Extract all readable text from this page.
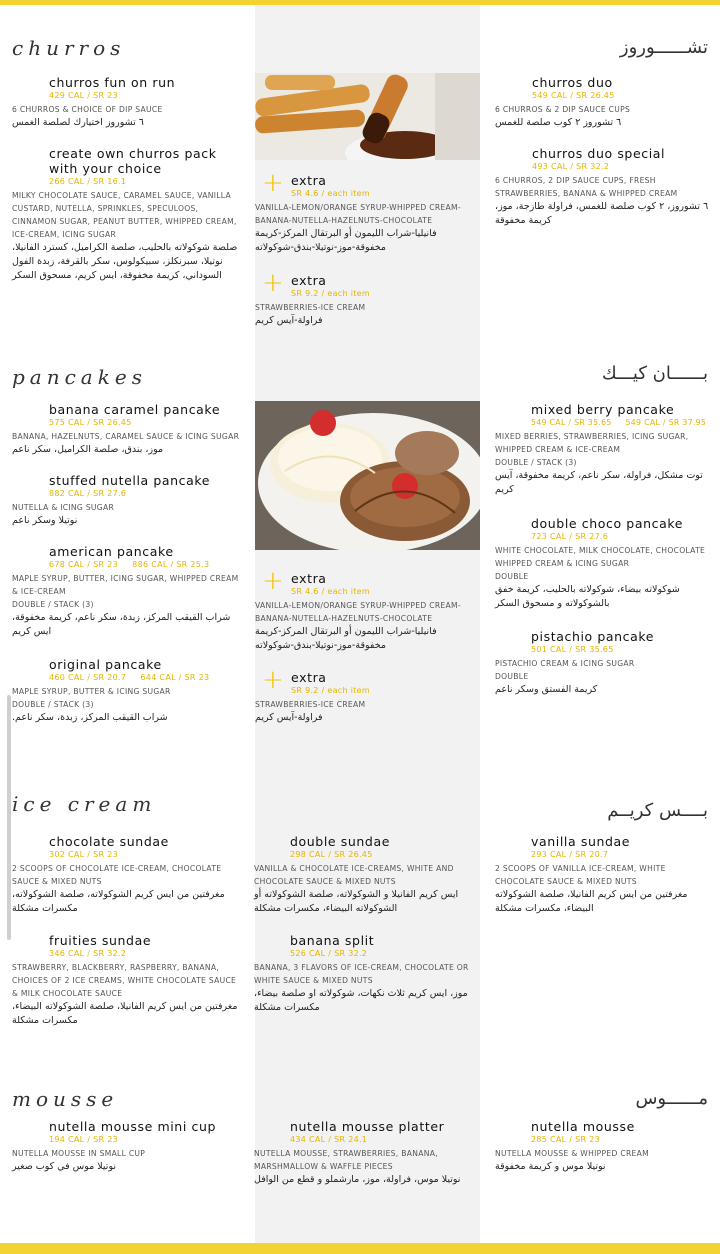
churros	تشــــــوروز
pancakes	بــــــان كيـــك
ice cream	بــــس كريــم
mousse	مــــــوس
churros fun on run
429 CAL / SR 23
6 CHURROS & CHOICE OF DIP SAUCE
٦ تشوروز اختيارك لصلصة الغمس
create own churros pack with your choice
266 CAL / SR 16.1
MILKY CHOCOLATE SAUCE, CARAMEL SAUCE, VANILLA CUSTARD, NUTELLA, SPRINKLES, SPECULOOS, CINNAMON SUGAR, PEANUT BUTTER, WHIPPED CREAM, ICE-CREAM, ICING SUGAR
صلصة شوكولاته بالحليب، صلصة الكراميل، كسترد الفانيلا، نوتيلا، سبرنكلز، سبيكولوس، سكر بالقرفة، زبدة الفول السوداني، كريمة مخفوقة، ايس كريم، مسحوق السكر
+ extra
SR 4.6 / each item
VANILLA-LEMON/ORANGE SYRUP-WHIPPED CREAM-BANANA-NUTELLA-HAZELNUTS-CHOCOLATE
فانيليا-شراب الليمون أو البرتقال المركز-كريمة مخفوقة-موز-نوتيلا-بندق-شوكولاته
+ extra
SR 9.2 / each item
STRAWBERRIES-ICE CREAM
فراولة-آيس كريم
churros duo
549 CAL / SR 26.45
6 CHURROS & 2 DIP SAUCE CUPS
٦ تشوروز ٢ كوب صلصة للغمس
churros duo special
493 CAL / SR 32.2
6 CHURROS, 2 DIP SAUCE CUPS, FRESH STRAWBERRIES, BANANA & WHIPPED CREAM
٦ تشوروز، ٢ كوب صلصة للغمس، فراولة طازجة، موز، كريمة مخفوقة
banana caramel pancake
575 CAL / SR 26.45
BANANA, HAZELNUTS, CARAMEL SAUCE & ICING SUGAR
موز، بندق، صلصة الكراميل، سكر ناعم
stuffed nutella pancake
882 CAL / SR 27.6
NUTELLA & ICING SUGAR
نوتيلا وسكر ناعم
american pancake
678 CAL / SR 23     886 CAL / SR 25.3
MAPLE SYRUP, BUTTER, ICING SUGAR, WHIPPED CREAM & ICE-CREAM
DOUBLE / STACK (3)
شراب القيقب المركز، زبدة، سكر ناعم، كريمة مخفوقة، ايس كريم
original pancake
460 CAL / SR 20.7     644 CAL / SR 23
MAPLE SYRUP, BUTTER & ICING SUGAR
DOUBLE / STACK (3)
شراب القيقب المركز، زبدة، سكر ناعم.
+ extra
SR 4.6 / each item
VANILLA-LEMON/ORANGE SYRUP-WHIPPED CREAM-BANANA-NUTELLA-HAZELNUTS-CHOCOLATE
فانيليا-شراب الليمون أو البرتقال المركز-كريمة مخفوقة-موز-نوتيلا-بندق-شوكولاته
+ extra
SR 9.2 / each item
STRAWBERRIES-ICE CREAM
فراولة-آيس كريم
mixed berry pancake
549 CAL / SR 35.65     549 CAL / SR 37.95
MIXED BERRIES, STRAWBERRIES, ICING SUGAR, WHIPPED CREAM & ICE-CREAM
DOUBLE / STACK (3)
توت مشكل، فراولة، سكر ناعم، كريمة مخفوقة، آيس كريم
double choco pancake
723 CAL / SR 27.6
WHITE CHOCOLATE, MILK CHOCOLATE, CHOCOLATE WHIPPED CREAM & ICING SUGAR
DOUBLE
شوكولاته بيضاء، شوكولاته بالحليب، كريمة خفق بالشوكولاته و مسحوق السكر
pistachio pancake
501 CAL / SR 35.65
PISTACHIO CREAM & ICING SUGAR
DOUBLE
كريمة الفستق وسكر ناعم
chocolate sundae
302 CAL / SR 23
2 SCOOPS OF CHOCOLATE ICE-CREAM, CHOCOLATE SAUCE & MIXED NUTS
مغرفتين من ايس كريم الشوكولاته، صلصة الشوكولاته، مكسرات مشكلة
fruities sundae
346 CAL / SR 32.2
STRAWBERRY, BLACKBERRY, RASPBERRY, BANANA, CHOICES OF 2 ICE CREAMS, WHITE CHOCOLATE SAUCE & MILK CHOCOLATE SAUCE
مغرفتين من ايس كريم الفانيلا، صلصة الشوكولاته البيضاء، مكسرات مشكلة
double sundae
298 CAL / SR 26.45
VANILLA & CHOCOLATE ICE-CREAMS, WHITE AND CHOCOLATE SAUCE & MIXED NUTS
ايس كريم الفانيلا و الشوكولاته، صلصة الشوكولاته أو الشوكولاته البيضاء، مكسرات مشكلة
banana split
526 CAL / SR 32.2
BANANA, 3 FLAVORS OF ICE-CREAM, CHOCOLATE OR WHITE SAUCE & MIXED NUTS
موز، ايس كريم ثلاث نكهات، شوكولاته او صلصة بيضاء، مكسرات مشكلة
vanilla sundae
293 CAL / SR 20.7
2 SCOOPS OF VANILLA ICE-CREAM, WHITE CHOCOLATE SAUCE & MIXED NUTS
مغرفتين من ايس كريم الفانيلا، صلصة الشوكولاته البيضاء، مكسرات مشكلة
nutella mousse mini cup
194 CAL / SR 23
NUTELLA MOUSSE IN SMALL CUP
نوتيلا موس في كوب صغير
nutella mousse platter
434 CAL / SR 24.1
NUTELLA MOUSSE, STRAWBERRIES, BANANA, MARSHMALLOW & WAFFLE PIECES
نوتيلا موس، فراولة، موز، مارشملو و قطع من الوافل
nutella mousse
285 CAL / SR 23
NUTELLA MOUSSE & WHIPPED CREAM
نوتيلا موس و كريمة مخفوقة
